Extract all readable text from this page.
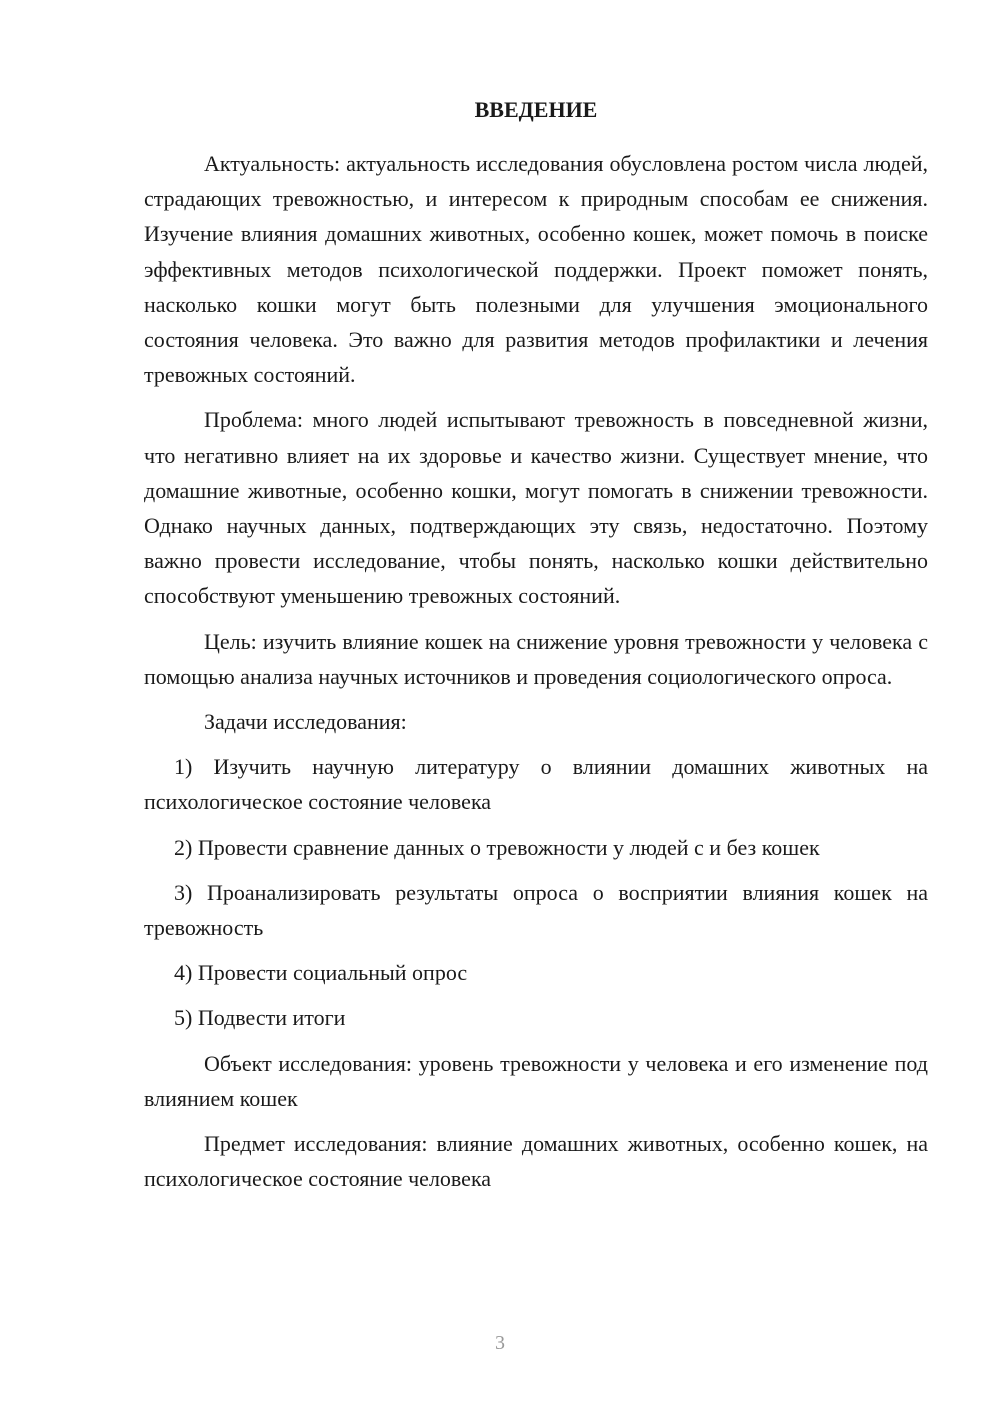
ВВЕДЕНИЕ

Актуальность: актуальность исследования обусловлена ростом числа людей, страдающих тревожностью, и интересом к природным способам ее снижения. Изучение влияния домашних животных, особенно кошек, может помочь в поиске эффективных методов психологической поддержки. Проект поможет понять, насколько кошки могут быть полезными для улучшения эмоционального состояния человека. Это важно для развития методов профилактики и лечения тревожных состояний.

Проблема: много людей испытывают тревожность в повседневной жизни, что негативно влияет на их здоровье и качество жизни. Существует мнение, что домашние животные, особенно кошки, могут помогать в снижении тревожности. Однако научных данных, подтверждающих эту связь, недостаточно. Поэтому важно провести исследование, чтобы понять, насколько кошки действительно способствуют уменьшению тревожных состояний.

Цель: изучить влияние кошек на снижение уровня тревожности у человека с помощью анализа научных источников и проведения социологического опроса.

Задачи исследования:

1) Изучить научную литературу о влиянии домашних животных на психологическое состояние человека

2) Провести сравнение данных о тревожности у людей с и без кошек

3) Проанализировать результаты опроса о восприятии влияния кошек на тревожность

4) Провести социальный опрос

5) Подвести итоги

Объект исследования: уровень тревожности у человека и его изменение под влиянием кошек

Предмет исследования: влияние домашних животных, особенно кошек, на психологическое состояние человека

3
